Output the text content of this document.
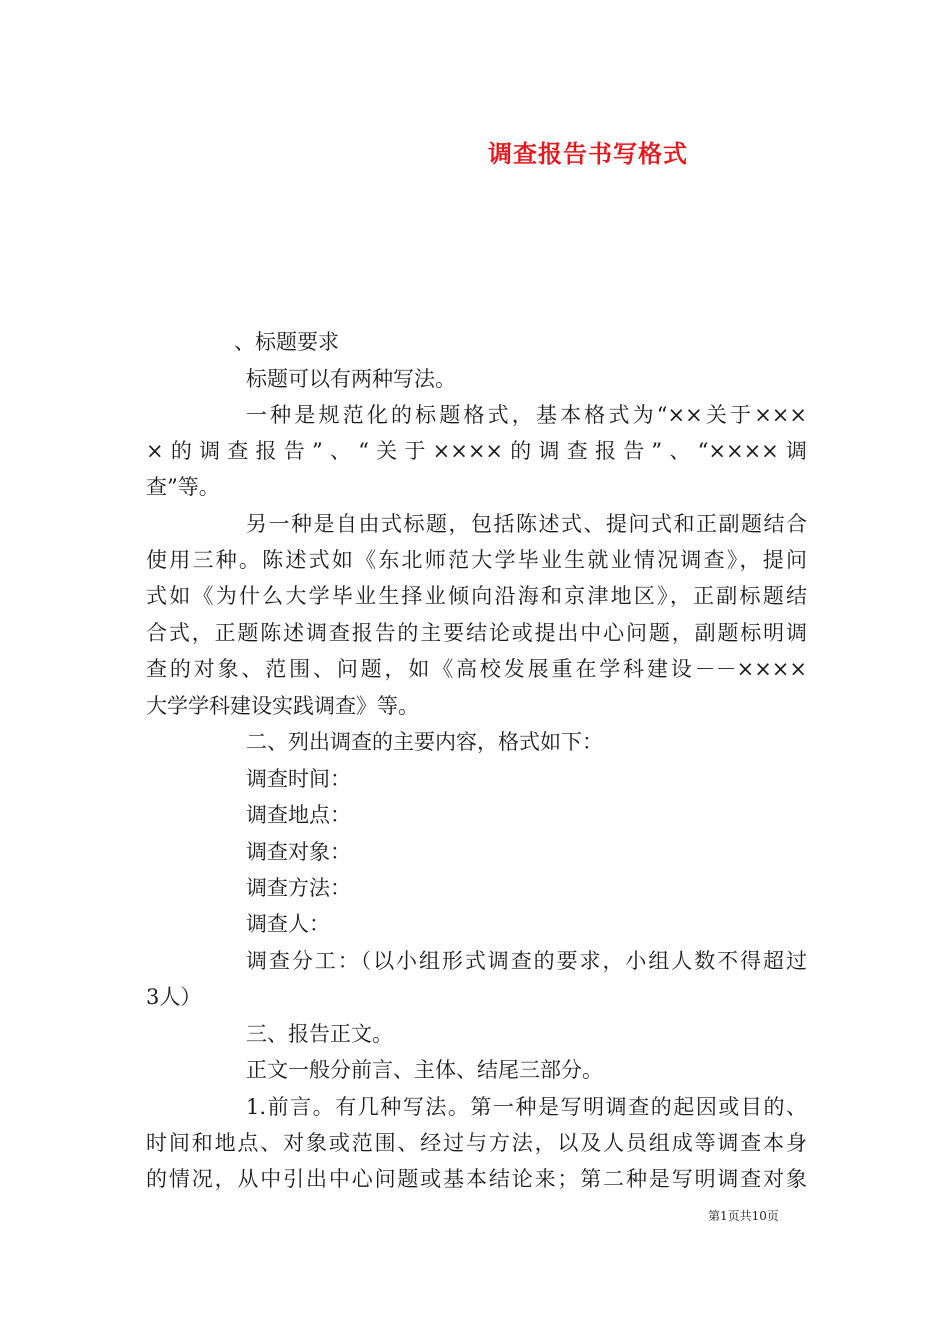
调查报告书写格式
、标题要求
标题可以有两种写法。
一种是规范化的标题格式，基本格式为“××关于×××
×的调查报告”、“关于××××的调查报告”、“××××调
查”等。
另一种是自由式标题，包括陈述式、提问式和正副题结合
使用三种。陈述式如《东北师范大学毕业生就业情况调查》，提问
式如《为什么大学毕业生择业倾向沿海和京津地区》，正副标题结
合式，正题陈述调查报告的主要结论或提出中心问题，副题标明调
查的对象、范围、问题，如《高校发展重在学科建设－－××××
大学学科建设实践调查》等。
二、列出调查的主要内容，格式如下：
调查时间：
调查地点：
调查对象：
调查方法：
调查人：
调查分工：（以小组形式调查的要求，小组人数不得超过
3人）
三、报告正文。
正文一般分前言、主体、结尾三部分。
1.前言。有几种写法。第一种是写明调查的起因或目的、
时间和地点、对象或范围、经过与方法，以及人员组成等调查本身
的情况，从中引出中心问题或基本结论来；第二种是写明调查对象
第1页共10页
